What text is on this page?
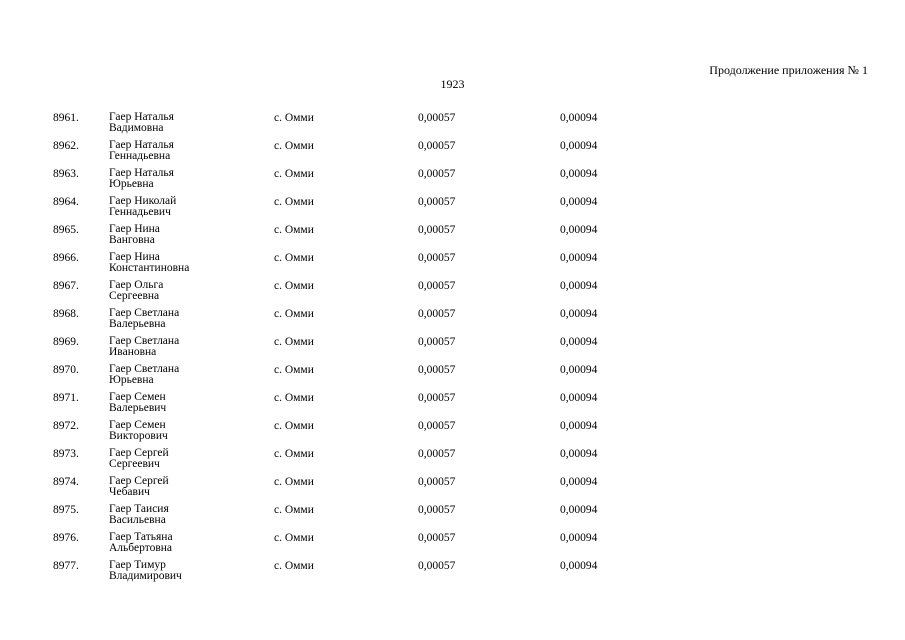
Продолжение приложения № 1
1923
8961.	Гаер Наталья
Вадимовна
с. Омми	0,00057	0,00094
8962.	Гаер Наталья
Геннадьевна
с. Омми	0,00057	0,00094
8963.	Гаер Наталья
Юрьевна
с. Омми	0,00057	0,00094
8964.	Гаер Николай
Геннадьевич
с. Омми	0,00057	0,00094
8965.	Гаер Нина
Ванговна
с. Омми	0,00057	0,00094
8966.	Гаер Нина
Константиновна
с. Омми	0,00057	0,00094
8967.	Гаер Ольга
Сергеевна
с. Омми	0,00057	0,00094
8968.	Гаер Светлана
Валерьевна
с. Омми	0,00057	0,00094
8969.	Гаер Светлана
Ивановна
с. Омми	0,00057	0,00094
8970.	Гаер Светлана
Юрьевна
с. Омми	0,00057	0,00094
8971.	Гаер Семен
Валерьевич
с. Омми	0,00057	0,00094
8972.	Гаер Семен
Викторович
с. Омми	0,00057	0,00094
8973.	Гаер Сергей
Сергеевич
с. Омми	0,00057	0,00094
8974.	Гаер Сергей
Чебавич
с. Омми	0,00057	0,00094
8975.	Гаер Таисия
Васильевна
с. Омми	0,00057	0,00094
8976.	Гаер Татьяна
Альбертовна
с. Омми	0,00057	0,00094
8977.	Гаер Тимур
Владимирович
с. Омми	0,00057	0,00094
